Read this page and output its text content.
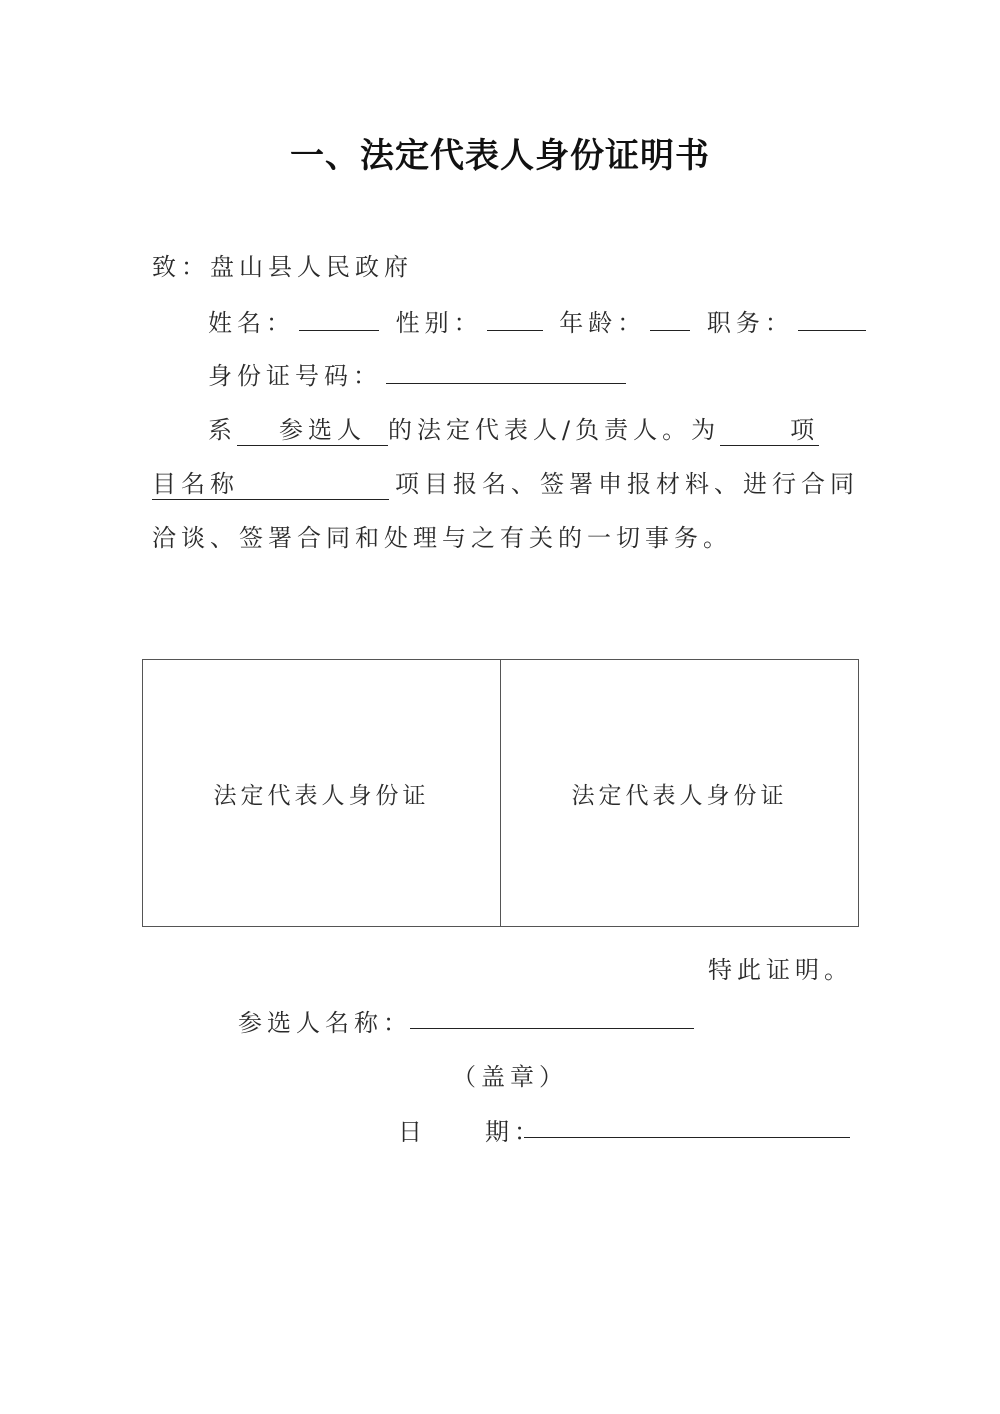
一、法定代表人身份证明书
致：盘山县人民政府
姓名：	性别：	年龄：	职务：
身份证号码：
系 参选人 的法定代表人/负责人。为	项
目名称	项目报名、签署申报材料、进行合同
洽谈、签署合同和处理与之有关的一切事务。
法定代表人身份证	法定代表人身份证
特此证明。
参选人名称：
（盖章）
日　　期：
